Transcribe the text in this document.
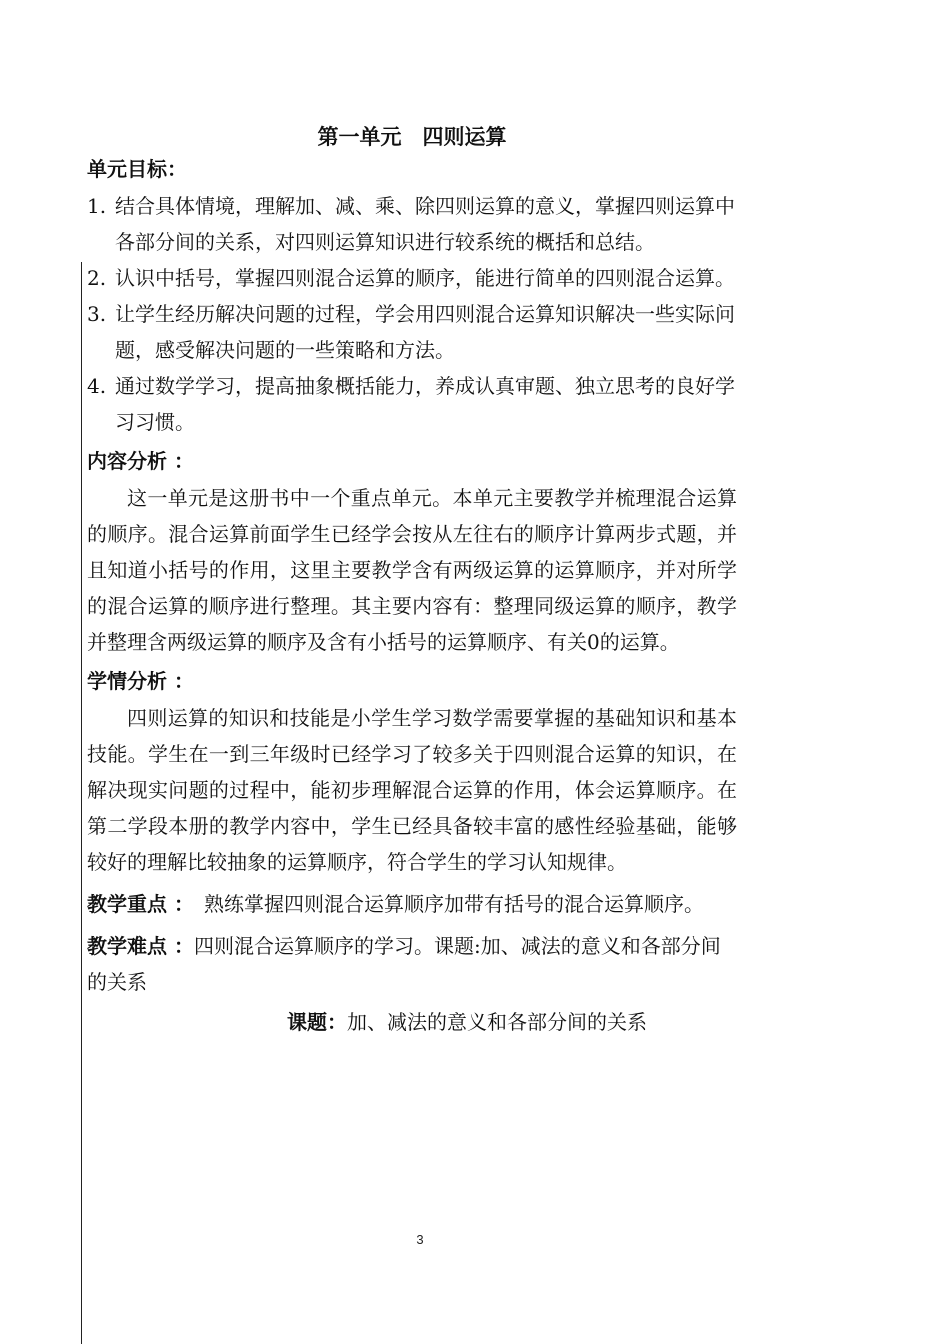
第一单元　四则运算
单元目标：
1. 结合具体情境，理解加、减、乘、除四则运算的意义，掌握四则运算中各部分间的关系，对四则运算知识进行较系统的概括和总结。
2. 认识中括号，掌握四则混合运算的顺序，能进行简单的四则混合运算。
3. 让学生经历解决问题的过程，学会用四则混合运算知识解决一些实际问题，感受解决问题的一些策略和方法。
4. 通过数学学习，提高抽象概括能力，养成认真审题、独立思考的良好学习习惯。
内容分析 ：

这一单元是这册书中一个重点单元。本单元主要教学并梳理混合运算的顺序。混合运算前面学生已经学会按从左往右的顺序计算两步式题，并且知道小括号的作用，这里主要教学含有两级运算的运算顺序，并对所学的混合运算的顺序进行整理。其主要内容有：整理同级运算的顺序，教学并整理含两级运算的顺序及含有小括号的运算顺序、有关0的运算。

学情分析 ：

四则运算的知识和技能是小学生学习数学需要掌握的基础知识和基本技能。学生在一到三年级时已经学习了较多关于四则混合运算的知识，在解决现实问题的过程中，能初步理解混合运算的作用，体会运算顺序。在第二学段本册的教学内容中，学生已经具备较丰富的感性经验基础，能够较好的理解比较抽象的运算顺序，符合学生的学习认知规律。

教学重点 ：　熟练掌握四则混合运算顺序加带有括号的混合运算顺序。

教学难点 ：四则混合运算顺序的学习。课题:加、减法的意义和各部分间的关系

课题：加、减法的意义和各部分间的关系

3
